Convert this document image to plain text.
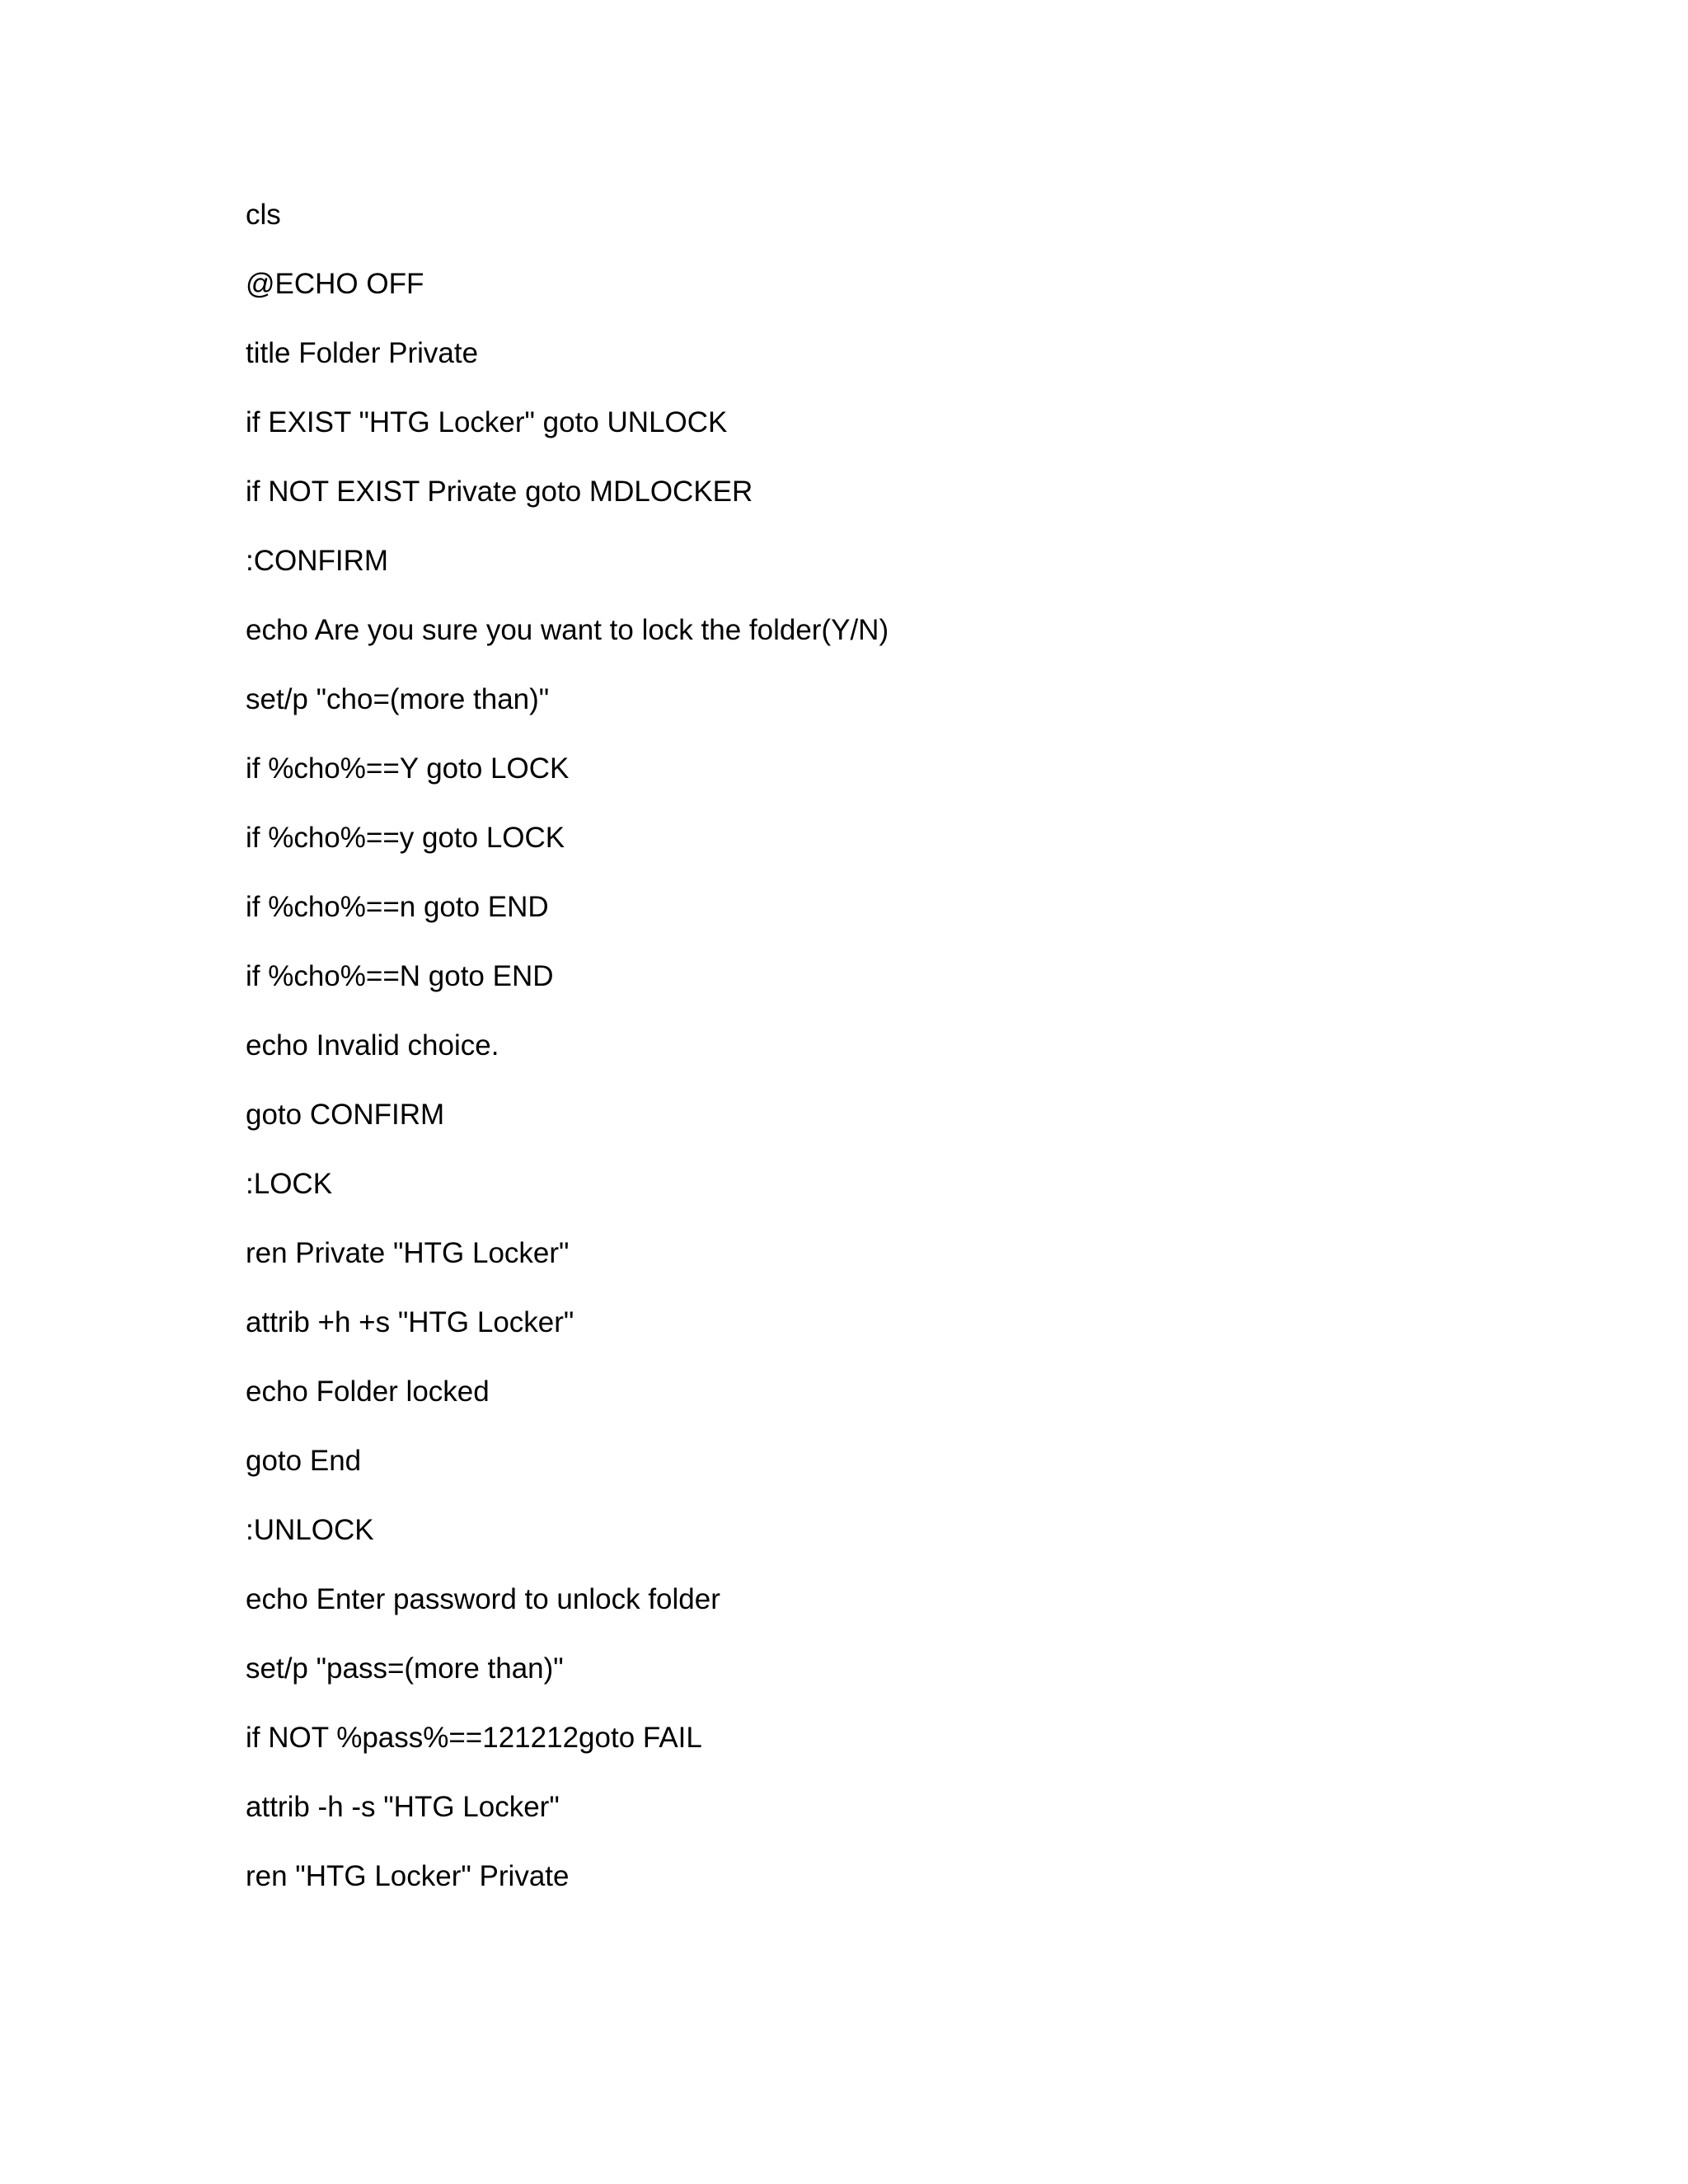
cls
@ECHO OFF
title Folder Private
if EXIST "HTG Locker" goto UNLOCK
if NOT EXIST Private goto MDLOCKER
:CONFIRM
echo Are you sure you want to lock the folder(Y/N)
set/p "cho=(more than)"
if %cho%==Y goto LOCK
if %cho%==y goto LOCK
if %cho%==n goto END
if %cho%==N goto END
echo Invalid choice.
goto CONFIRM
:LOCK
ren Private "HTG Locker"
attrib +h +s "HTG Locker"
echo Folder locked
goto End
:UNLOCK
echo Enter password to unlock folder
set/p "pass=(more than)"
if NOT %pass%==121212goto FAIL
attrib -h -s "HTG Locker"
ren "HTG Locker" Private
